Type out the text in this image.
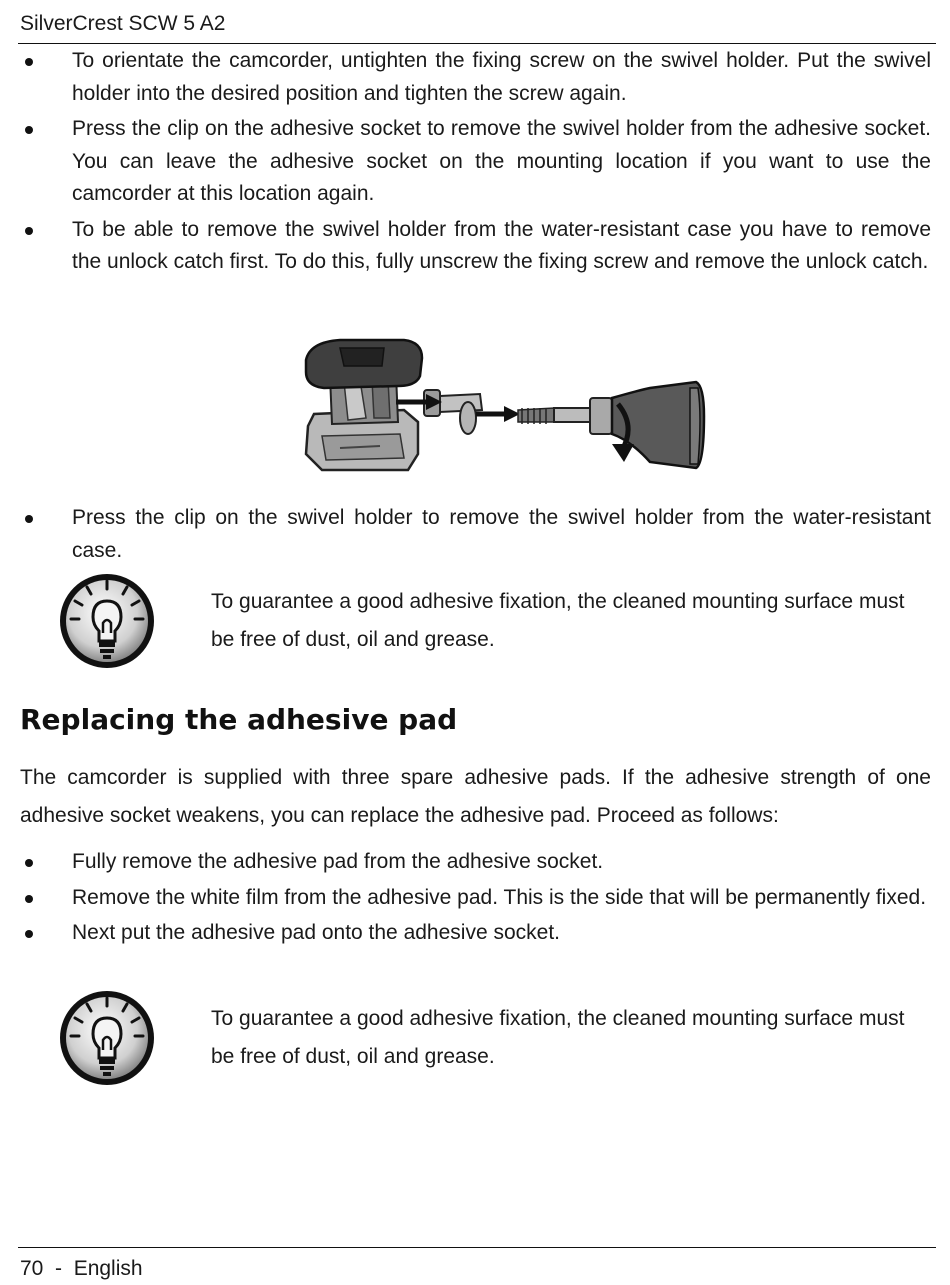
SilverCrest SCW 5 A2
To orientate the camcorder, untighten the fixing screw on the swivel holder. Put the swivel holder into the desired position and tighten the screw again.
Press the clip on the adhesive socket to remove the swivel holder from the adhesive socket. You can leave the adhesive socket on the mounting location if you want to use the camcorder at this location again.
To be able to remove the swivel holder from the water-resistant case you have to remove the unlock catch first. To do this, fully unscrew the fixing screw and remove the unlock catch.
Press the clip on the swivel holder to remove the swivel holder from the water-resistant case.
To guarantee a good adhesive fixation, the cleaned mounting surface must be free of dust, oil and grease.
Replacing the adhesive pad

The camcorder is supplied with three spare adhesive pads. If the adhesive strength of one adhesive socket weakens, you can replace the adhesive pad. Proceed as follows:

Fully remove the adhesive pad from the adhesive socket.
Remove the white film from the adhesive pad. This is the side that will be permanently fixed.
Next put the adhesive pad onto the adhesive socket.
To guarantee a good adhesive fixation, the cleaned mounting surface must be free of dust, oil and grease.
70  -  English
